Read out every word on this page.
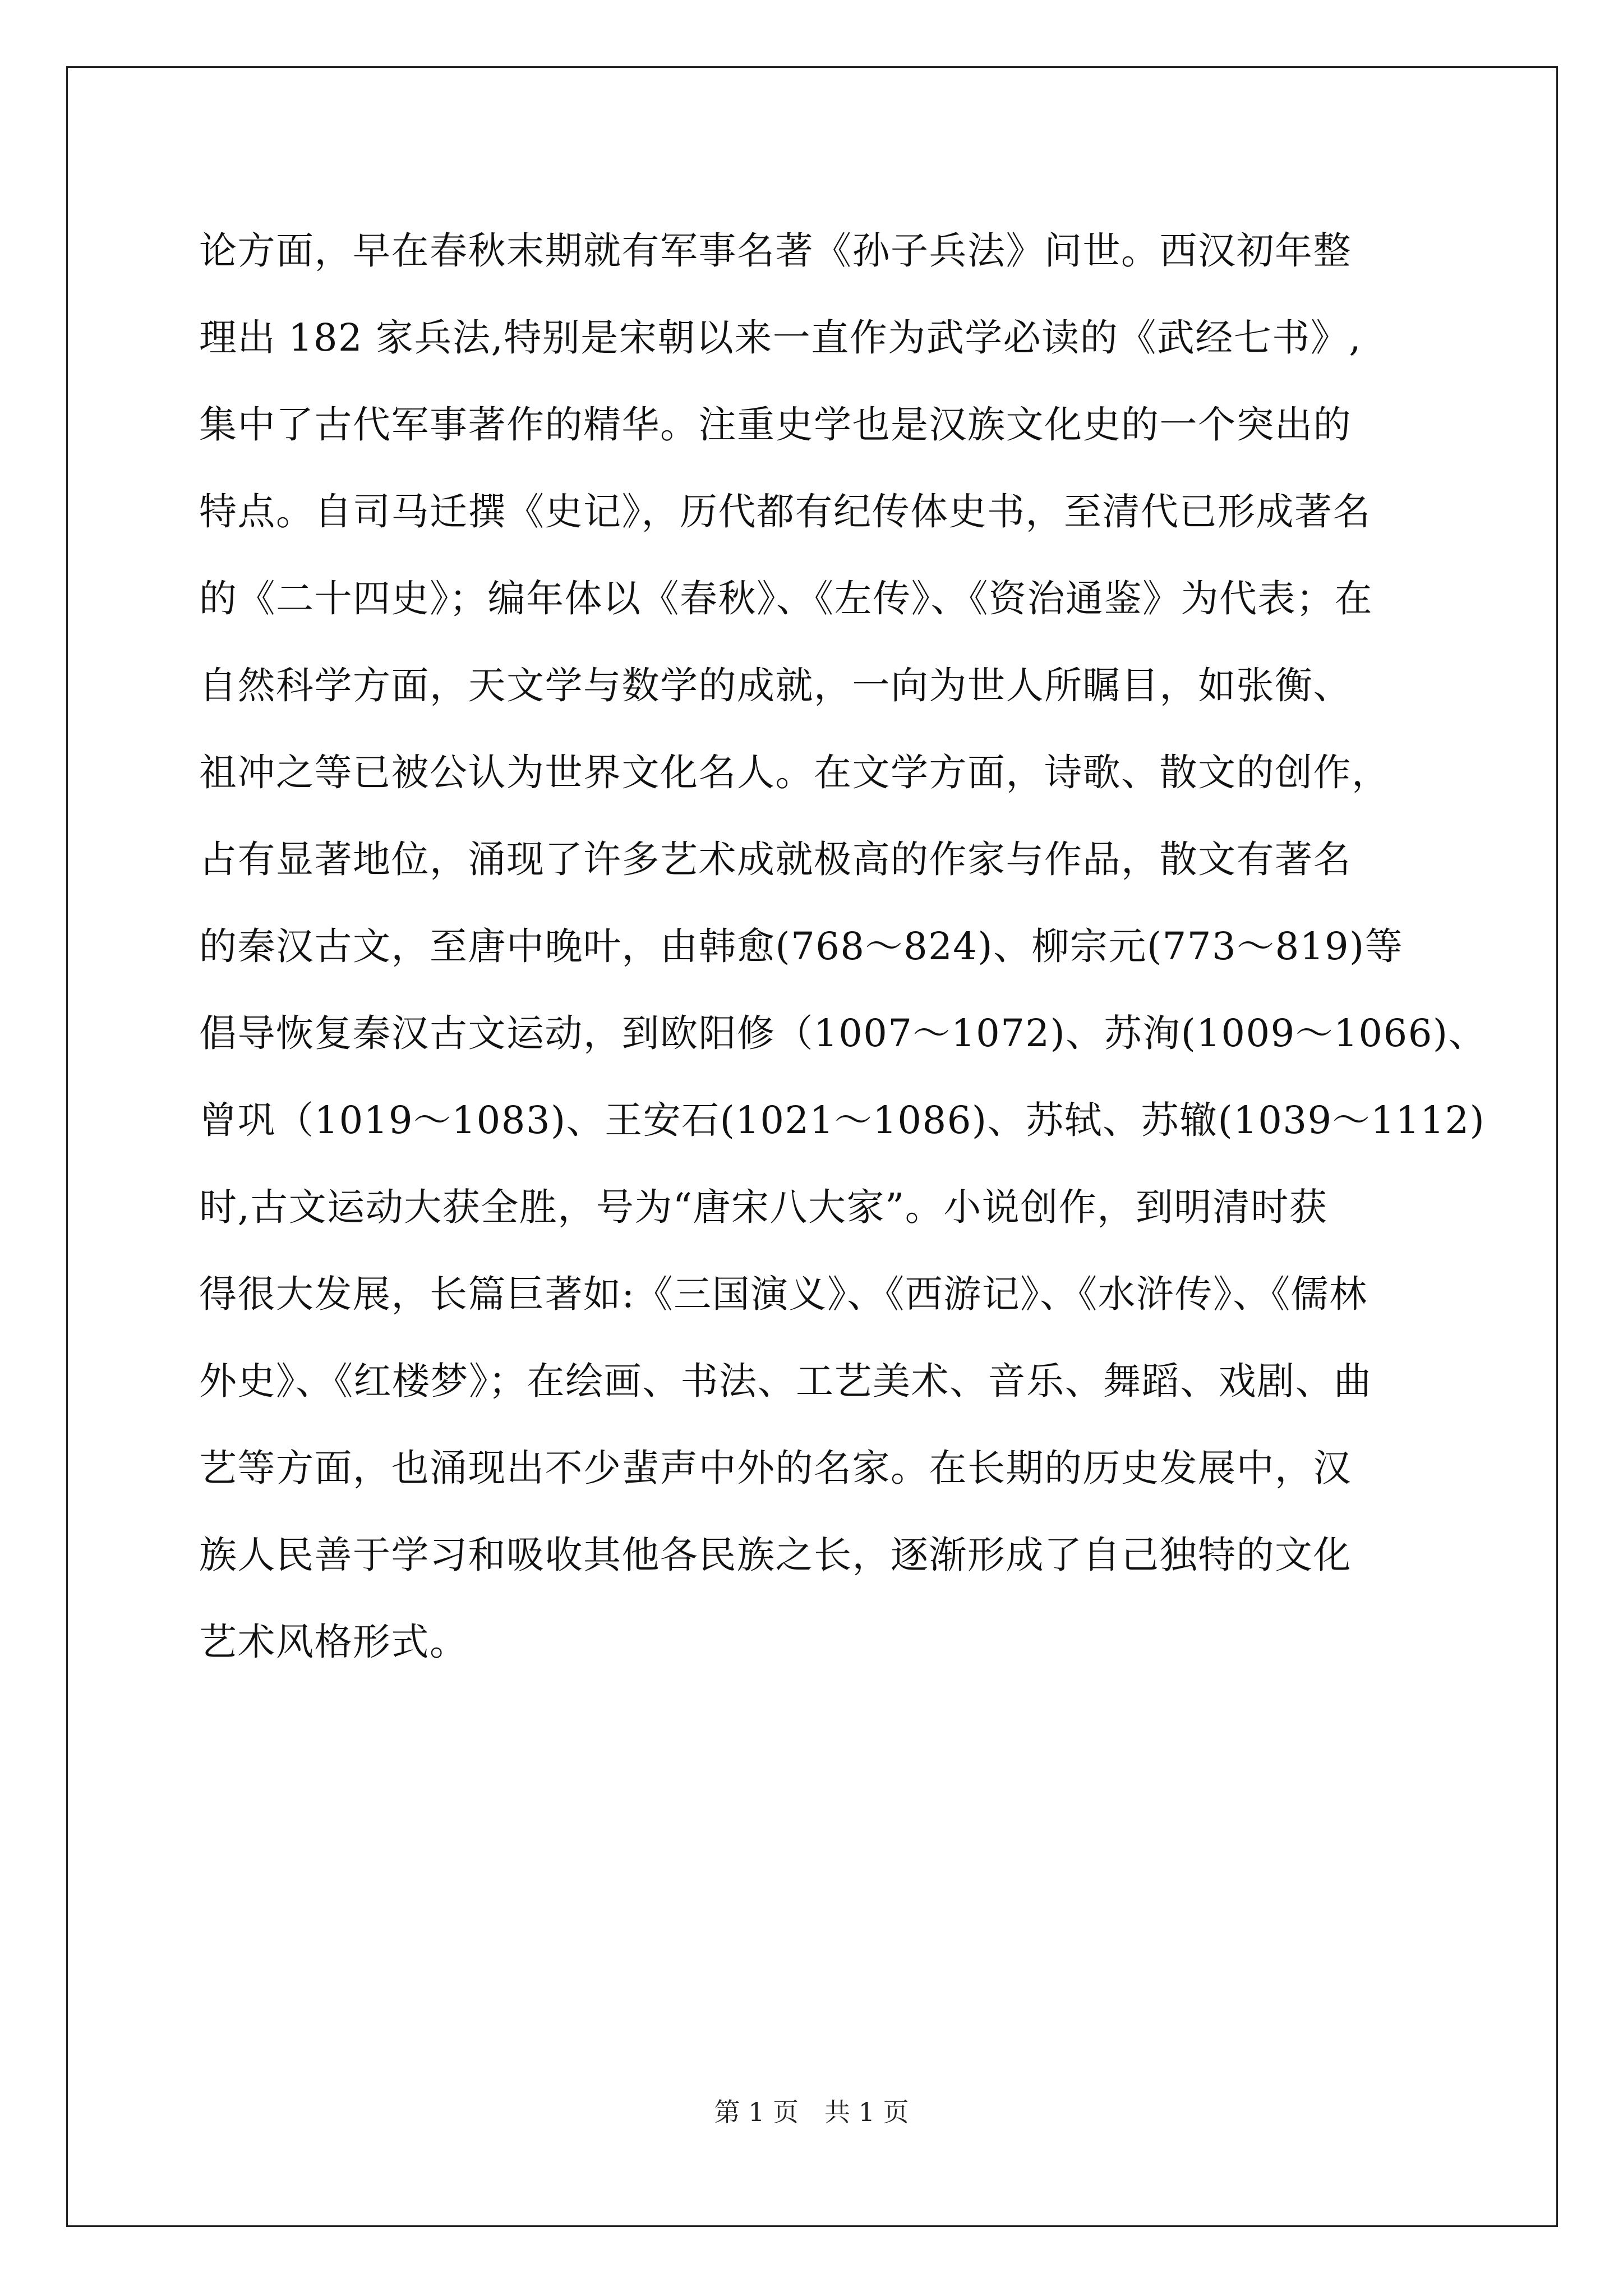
论方面，早在春秋末期就有军事名著《孙子兵法》问世。西汉初年整
理出 182 家兵法,特别是宋朝以来一直作为武学必读的《武经七书》,
集中了古代军事著作的精华。注重史学也是汉族文化史的一个突出的
特点。自司马迁撰《史记》，历代都有纪传体史书，至清代已形成著名
的《二十四史》；编年体以《春秋》、《左传》、《资治通鉴》为代表；在
自然科学方面，天文学与数学的成就，一向为世人所瞩目，如张衡、
祖冲之等已被公认为世界文化名人。在文学方面，诗歌、散文的创作，
占有显著地位，涌现了许多艺术成就极高的作家与作品，散文有著名
的秦汉古文，至唐中晚叶，由韩愈(768～824)、柳宗元(773～819)等
倡导恢复秦汉古文运动，到欧阳修（1007～1072)、苏洵(1009～1066)、
曾巩（1019～1083)、王安石(1021～1086)、苏轼、苏辙(1039～1112)
时,古文运动大获全胜，号为“唐宋八大家”。小说创作，到明清时获
得很大发展，长篇巨著如:《三国演义》、《西游记》、《水浒传》、《儒林
外史》、《红楼梦》；在绘画、书法、工艺美术、音乐、舞蹈、戏剧、曲
艺等方面，也涌现出不少蜚声中外的名家。在长期的历史发展中，汉
族人民善于学习和吸收其他各民族之长，逐渐形成了自己独特的文化
艺术风格形式。
第 1 页　共 1 页
